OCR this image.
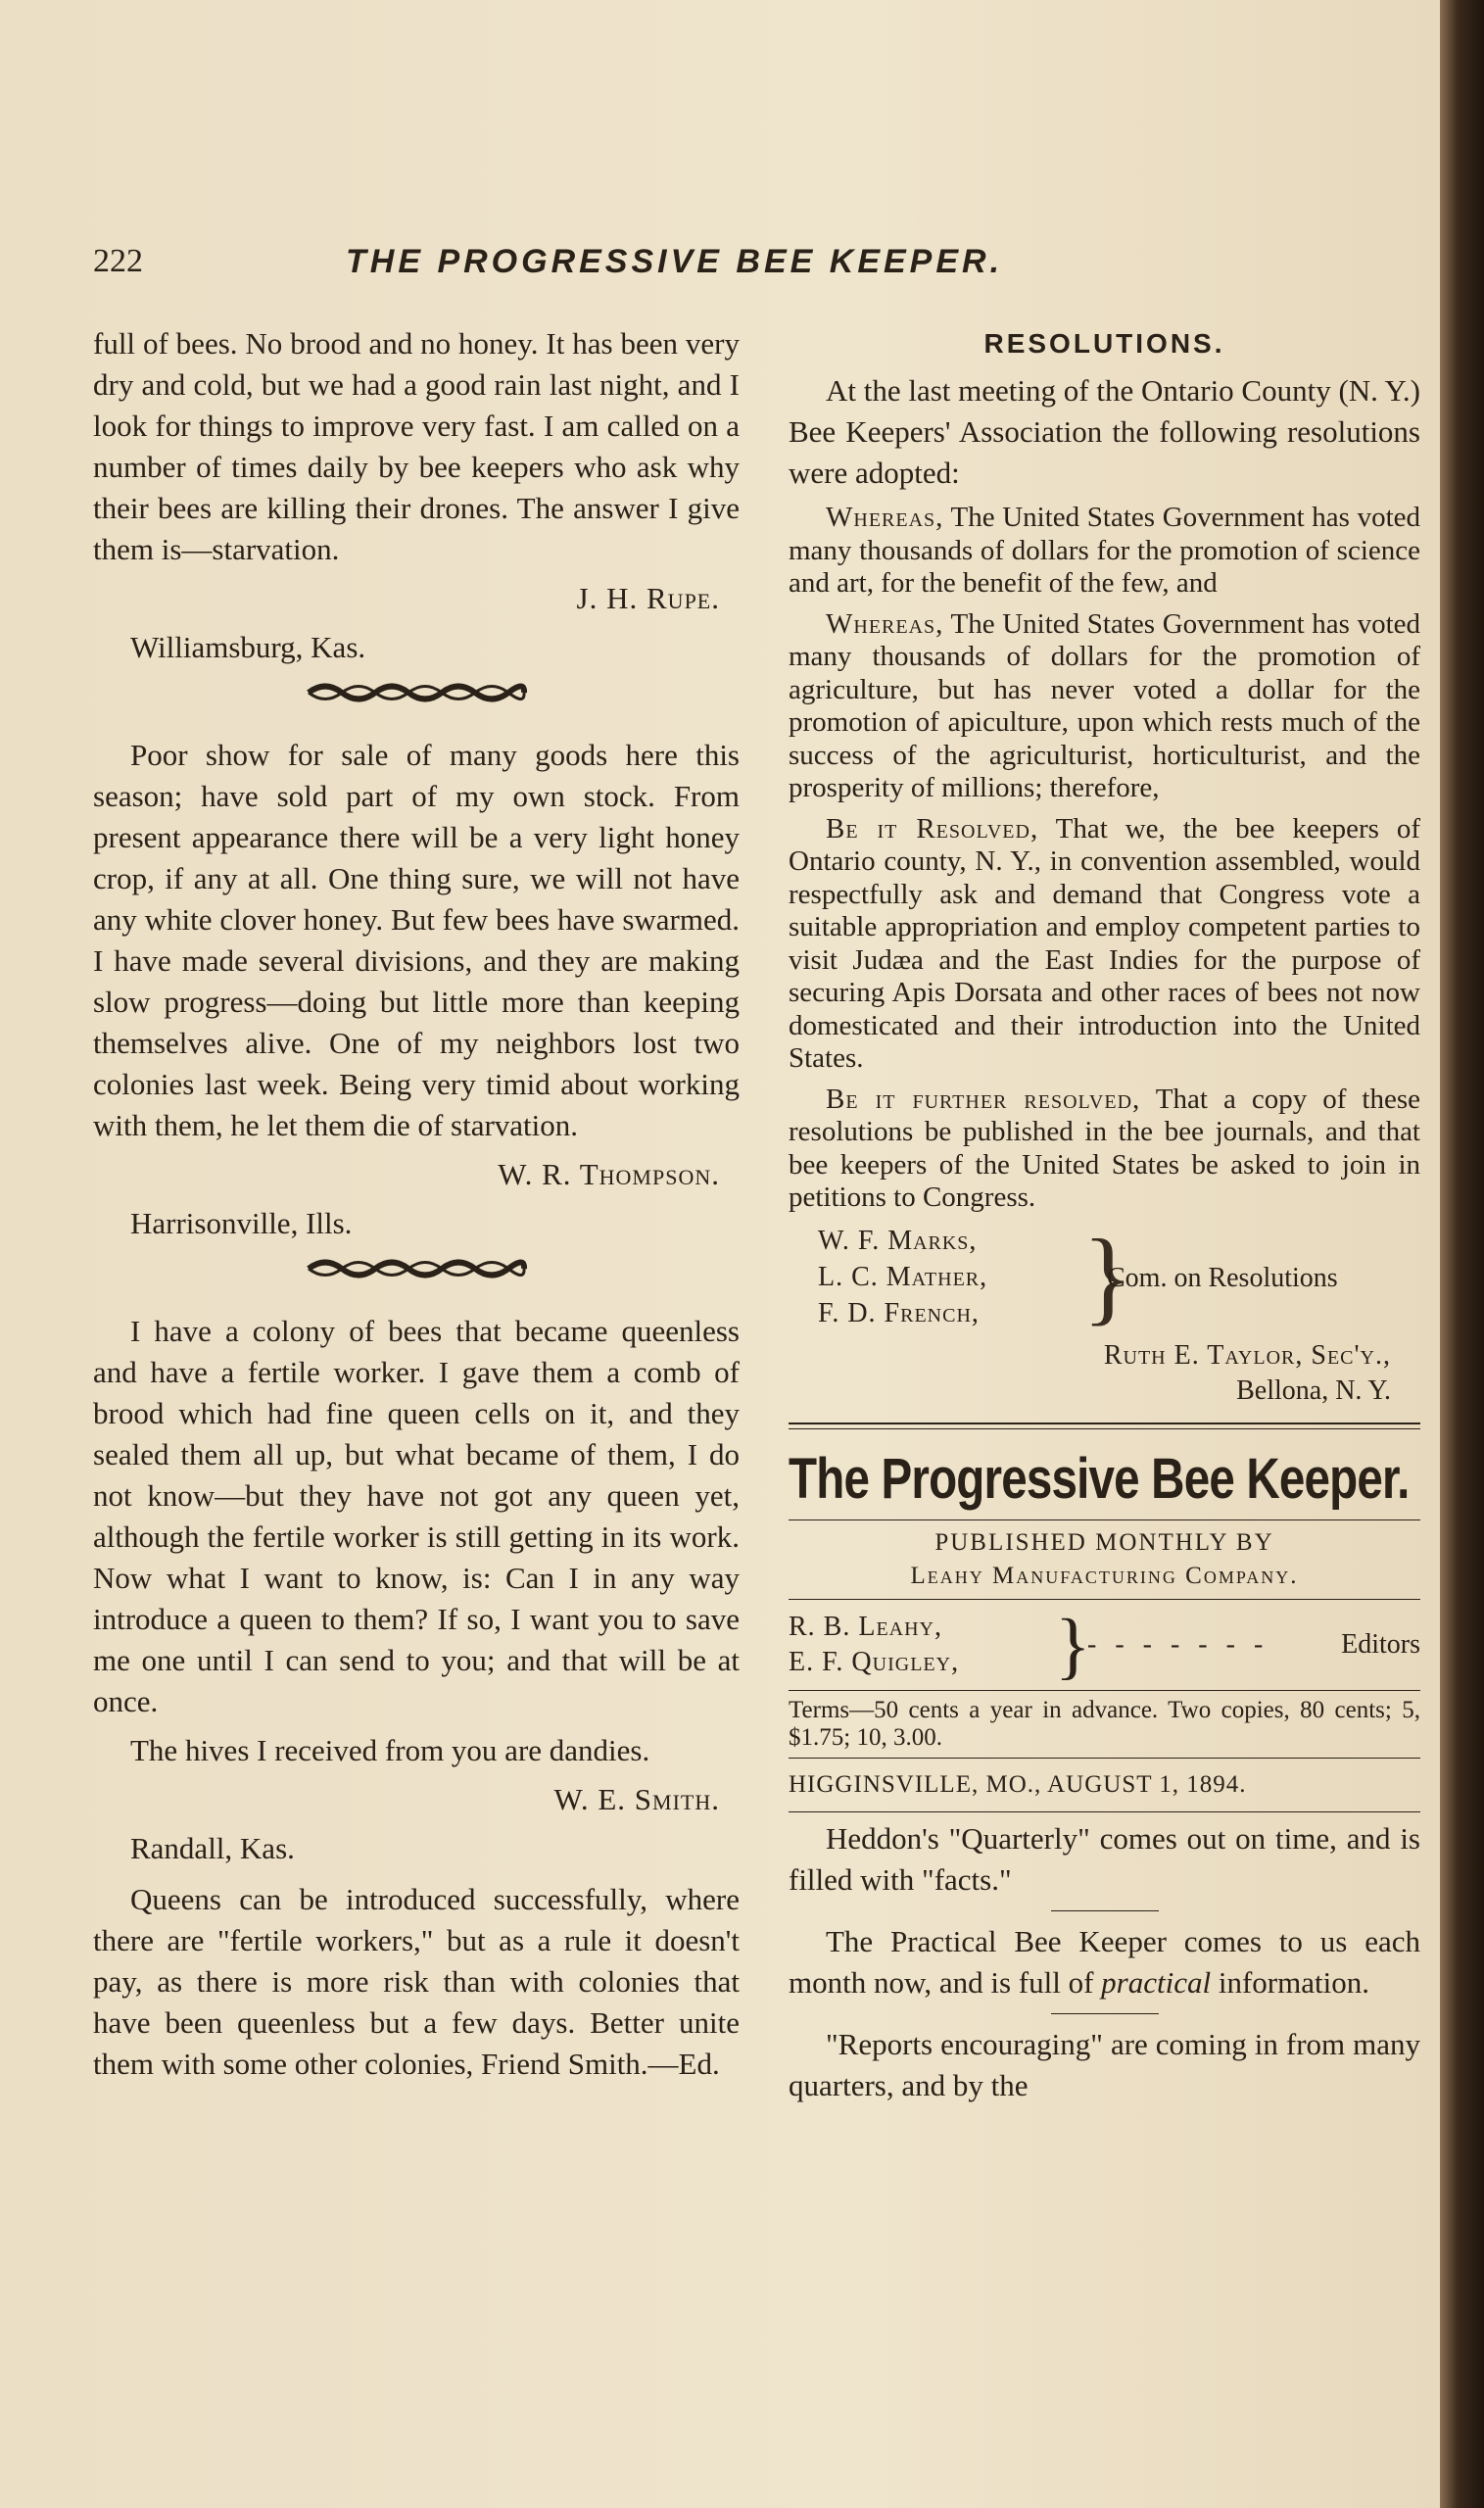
222	THE PROGRESSIVE BEE KEEPER.

full of bees. No brood and no honey. It has been very dry and cold, but we had a good rain last night, and I look for things to improve very fast. I am called on a number of times daily by bee keepers who ask why their bees are killing their drones. The answer I give them is—starvation.

J. H. Rupe.

Williamsburg, Kas.

Poor show for sale of many goods here this season; have sold part of my own stock. From present appearance there will be a very light honey crop, if any at all. One thing sure, we will not have any white clover honey. But few bees have swarmed. I have made several divisions, and they are making slow progress—doing but little more than keeping themselves alive. One of my neighbors lost two colonies last week. Being very timid about working with them, he let them die of starvation.

W. R. Thompson.

Harrisonville, Ills.

I have a colony of bees that became queenless and have a fertile worker. I gave them a comb of brood which had fine queen cells on it, and they sealed them all up, but what became of them, I do not know—but they have not got any queen yet, although the fertile worker is still getting in its work. Now what I want to know, is: Can I in any way introduce a queen to them? If so, I want you to save me one until I can send to you; and that will be at once.

The hives I received from you are dandies.

W. E. Smith.

Randall, Kas.

Queens can be introduced successfully, where there are "fertile workers," but as a rule it doesn't pay, as there is more risk than with colonies that have been queenless but a few days. Better unite them with some other colonies, Friend Smith.—Ed.

RESOLUTIONS.

At the last meeting of the Ontario County (N. Y.) Bee Keepers' Association the following resolutions were adopted:

Whereas, The United States Government has voted many thousands of dollars for the promotion of science and art, for the benefit of the few, and

Whereas, The United States Government has voted many thousands of dollars for the promotion of agriculture, but has never voted a dollar for the promotion of apiculture, upon which rests much of the success of the agriculturist, horticulturist, and the prosperity of millions; therefore,

Be it Resolved, That we, the bee keepers of Ontario county, N. Y., in convention assembled, would respectfully ask and demand that Congress vote a suitable appropriation and employ competent parties to visit Judæa and the East Indies for the purpose of securing Apis Dorsata and other races of bees not now domesticated and their introduction into the United States.

Be it further resolved, That a copy of these resolutions be published in the bee journals, and that bee keepers of the United States be asked to join in petitions to Congress.

W. F. Marks,
L. C. Mather,
F. D. French, }
Com. on Resolutions
Ruth E. Taylor, Sec'y.,
Bellona, N. Y.
The Progressive Bee Keeper.
PUBLISHED MONTHLY BY
Leahy Manufacturing Company.
R. B. Leahy,
E. F. Quigley, }
- - - - - - -	Editors
Terms—50 cents a year in advance. Two copies, 80 cents; 5, $1.75; 10, 3.00.
HIGGINSVILLE, MO., AUGUST 1, 1894.

Heddon's "Quarterly" comes out on time, and is filled with "facts."

The Practical Bee Keeper comes to us each month now, and is full of practical information.

"Reports encouraging" are coming in from many quarters, and by the
